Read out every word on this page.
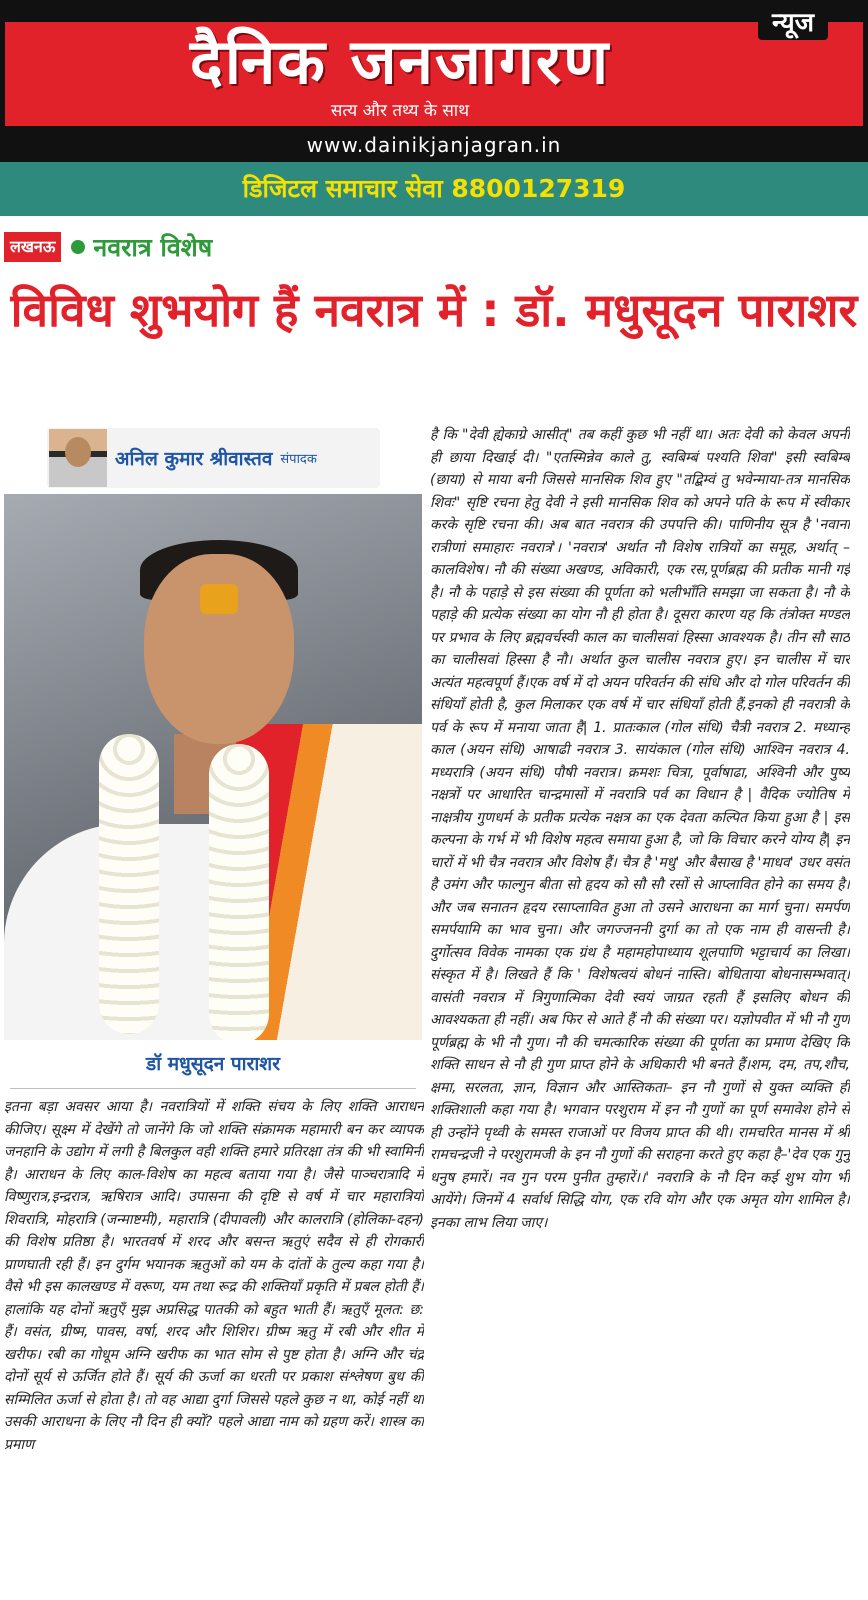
न्यूज
दैनिक जनजागरण
सत्य और तथ्य के साथ
www.dainikjanjagran.in
डिजिटल समाचार सेवा 8800127319
लखनऊ नवरात्र विशेष
विविध शुभयोग हैं नवरात्र में : डॉ. मधुसूदन पाराशर
अनिल कुमार श्रीवास्तव संपादक
डॉ मधुसूदन पाराशर

इतना बड़ा अवसर आया है। नवरात्रियों में शक्ति संचय के लिए शक्ति आराधन कीजिए। सूक्ष्म में देखेंगे तो जानेंगे कि जो शक्ति संक्रामक महामारी बन कर व्यापक जनहानि के उद्योग में लगी है बिलकुल वही शक्ति हमारे प्रतिरक्षा तंत्र की भी स्वामिनी है। आराधन के लिए काल-विशेष का महत्व बताया गया है। जैसे पाञ्चरात्रादि में विष्णुरात्र,इन्द्ररात्र, ऋषिरात्र आदि। उपासना की दृष्टि से वर्ष में चार महारात्रियाँ शिवरात्रि, मोहरात्रि (जन्माष्टमी), महारात्रि (दीपावली) और कालरात्रि (होलिका-दहन) की विशेष प्रतिष्ठा है। भारतवर्ष में शरद और बसन्त ऋतुएं सदैव से ही रोगकारी प्राणघाती रही हैं। इन दुर्गम भयानक ऋतुओं को यम के दांतों के तुल्य कहा गया है। वैसे भी इस कालखण्ड में वरूण, यम तथा रूद्र की शक्तियाँ प्रकृति में प्रबल होती हैं। हालांकि यह दोनों ऋतुएँ मुझ अप्रसिद्ध पातकी को बहुत भाती हैं। ऋतुएँ मूलत: छ: हैं। वसंत, ग्रीष्म, पावस, वर्षा, शरद और शिशिर। ग्रीष्म ऋतु में रबी और शीत में खरीफ। रबी का गोधूम अग्नि खरीफ का भात सोम से पुष्ट होता है। अग्नि और चंद्र दोनों सूर्य से ऊर्जित होते हैं। सूर्य की ऊर्जा का धरती पर प्रकाश संश्लेषण बुध की सम्मिलित ऊर्जा से होता है। तो वह आद्या दुर्गा जिससे पहले कुछ न था, कोई नहीं था उसकी आराधना के लिए नौ दिन ही क्यों? पहले आद्या नाम को ग्रहण करें। शास्त्र का प्रमाण

है कि "देवी ह्येकाग्रे आसीत्" तब कहीं कुछ भी नहीं था। अतः देवी को केवल अपनी ही छाया दिखाई दी। "एतस्मिन्नेव काले तु, स्वबिम्बं पश्यति शिवा" इसी स्वबिम्ब (छाया) से माया बनी जिससे मानसिक शिव हुए "तद्बिम्वं तु भवेन्माया-तत्र मानसिक शिवः" सृष्टि रचना हेतु देवी ने इसी मानसिक शिव को अपने पति के रूप में स्वीकार करके सृष्टि रचना की। अब बात नवरात्र की उपपत्ति की। पाणिनीय सूत्र है 'नवानां रात्रीणां समाहारः नवरात्रं'। 'नवरात्र' अर्थात नौ विशेष रात्रियों का समूह, अर्थात् –कालविशेष। नौ की संख्या अखण्ड, अविकारी, एक रस,पूर्णब्रह्म की प्रतीक मानी गई है। नौ के पहाड़े से इस संख्या की पूर्णता को भलीभाँति समझा जा सकता है। नौ के पहाड़े की प्रत्येक संख्या का योग नौ ही होता है। दूसरा कारण यह कि तंत्रोक्त मण्डल पर प्रभाव के लिए ब्रह्मवर्चस्वी काल का चालीसवां हिस्सा आवश्यक है। तीन सौ साठ का चालीसवां हिस्सा है नौ। अर्थात कुल चालीस नवरात्र हुए। इन चालीस में चार अत्यंत महत्वपूर्ण हैं।एक वर्ष में दो अयन परिवर्तन की संधि और दो गोल परिवर्तन की संधियाँ होती है, कुल मिलाकर एक वर्ष में चार संधियाँ होती हैं,इनको ही नवरात्री के पर्व के रूप में मनाया जाता है| 1. प्रातःकाल (गोल संधि) चैत्री नवरात्र 2. मध्यान्ह काल (अयन संधि) आषाढी नवरात्र 3. सायंकाल (गोल संधि) आश्विन नवरात्र 4. मध्यरात्रि (अयन संधि) पौषी नवरात्र। क्रमशः चित्रा, पूर्वाषाढा, अश्विनी और पुष्य नक्षत्रों पर आधारित चान्द्रमासों में नवरात्रि पर्व का विधान है | वैदिक ज्योतिष में नाक्षत्रीय गुणधर्म के प्रतीक प्रत्येक नक्षत्र का एक देवता कल्पित किया हुआ है | इस कल्पना के गर्भ में भी विशेष महत्व समाया हुआ है, जो कि विचार करने योग्य है| इन चारों में भी चैत्र नवरात्र और विशेष हैं। चैत्र है 'मधु' और बैसाख है 'माधव' उधर वसंत है उमंग और फाल्गुन बीता सो हृदय को सौ सौ रसों से आप्लावित होने का समय है। और जब सनातन हृदय रसाप्लावित हुआ तो उसने आराधना का मार्ग चुना। समर्पण समर्पयामि का भाव चुना। और जगज्जननी दुर्गा का तो एक नाम ही वासन्ती है। दुर्गोत्सव विवेक नामका एक ग्रंथ है महामहोपाध्याय शूलपाणि भट्टाचार्य का लिखा। संस्कृत में है। लिखते हैं कि ' विशेषत्वयं बोधनं नास्ति। बोधिताया बोधनासम्भवात्। वासंती नवरात्र में त्रिगुणात्मिका देवी स्वयं जाग्रत रहती हैं इसलिए बोधन की आवश्यकता ही नहीं। अब फिर से आते हैं नौ की संख्या पर। यज्ञोपवीत में भी नौ गुण पूर्णब्रह्म के भी नौ गुण। नौ की चमत्कारिक संख्या की पूर्णता का प्रमाण देखिए कि शक्ति साधन से नौ ही गुण प्राप्त होने के अधिकारी भी बनते हैं।शम, दम, तप,शौच, क्षमा, सरलता, ज्ञान, विज्ञान और आस्तिकता– इन नौ गुणों से युक्त व्यक्ति ही शक्तिशाली कहा गया है। भगवान परशुराम में इन नौ गुणों का पूर्ण समावेश होने से ही उन्होंने पृथ्वी के समस्त राजाओं पर विजय प्राप्त की थी। रामचरित मानस में श्री रामचन्द्रजी ने परशुरामजी के इन नौ गुणों की सराहना करते हुए कहा है–'देव एक गुनु धनुष हमारें। नव गुन परम पुनीत तुम्हारें।।' नवरात्रि के नौ दिन कई शुभ योग भी आयेंगे। जिनमें 4 सर्वार्ध सिद्धि योग, एक रवि योग और एक अमृत योग शामिल है। इनका लाभ लिया जाए।
